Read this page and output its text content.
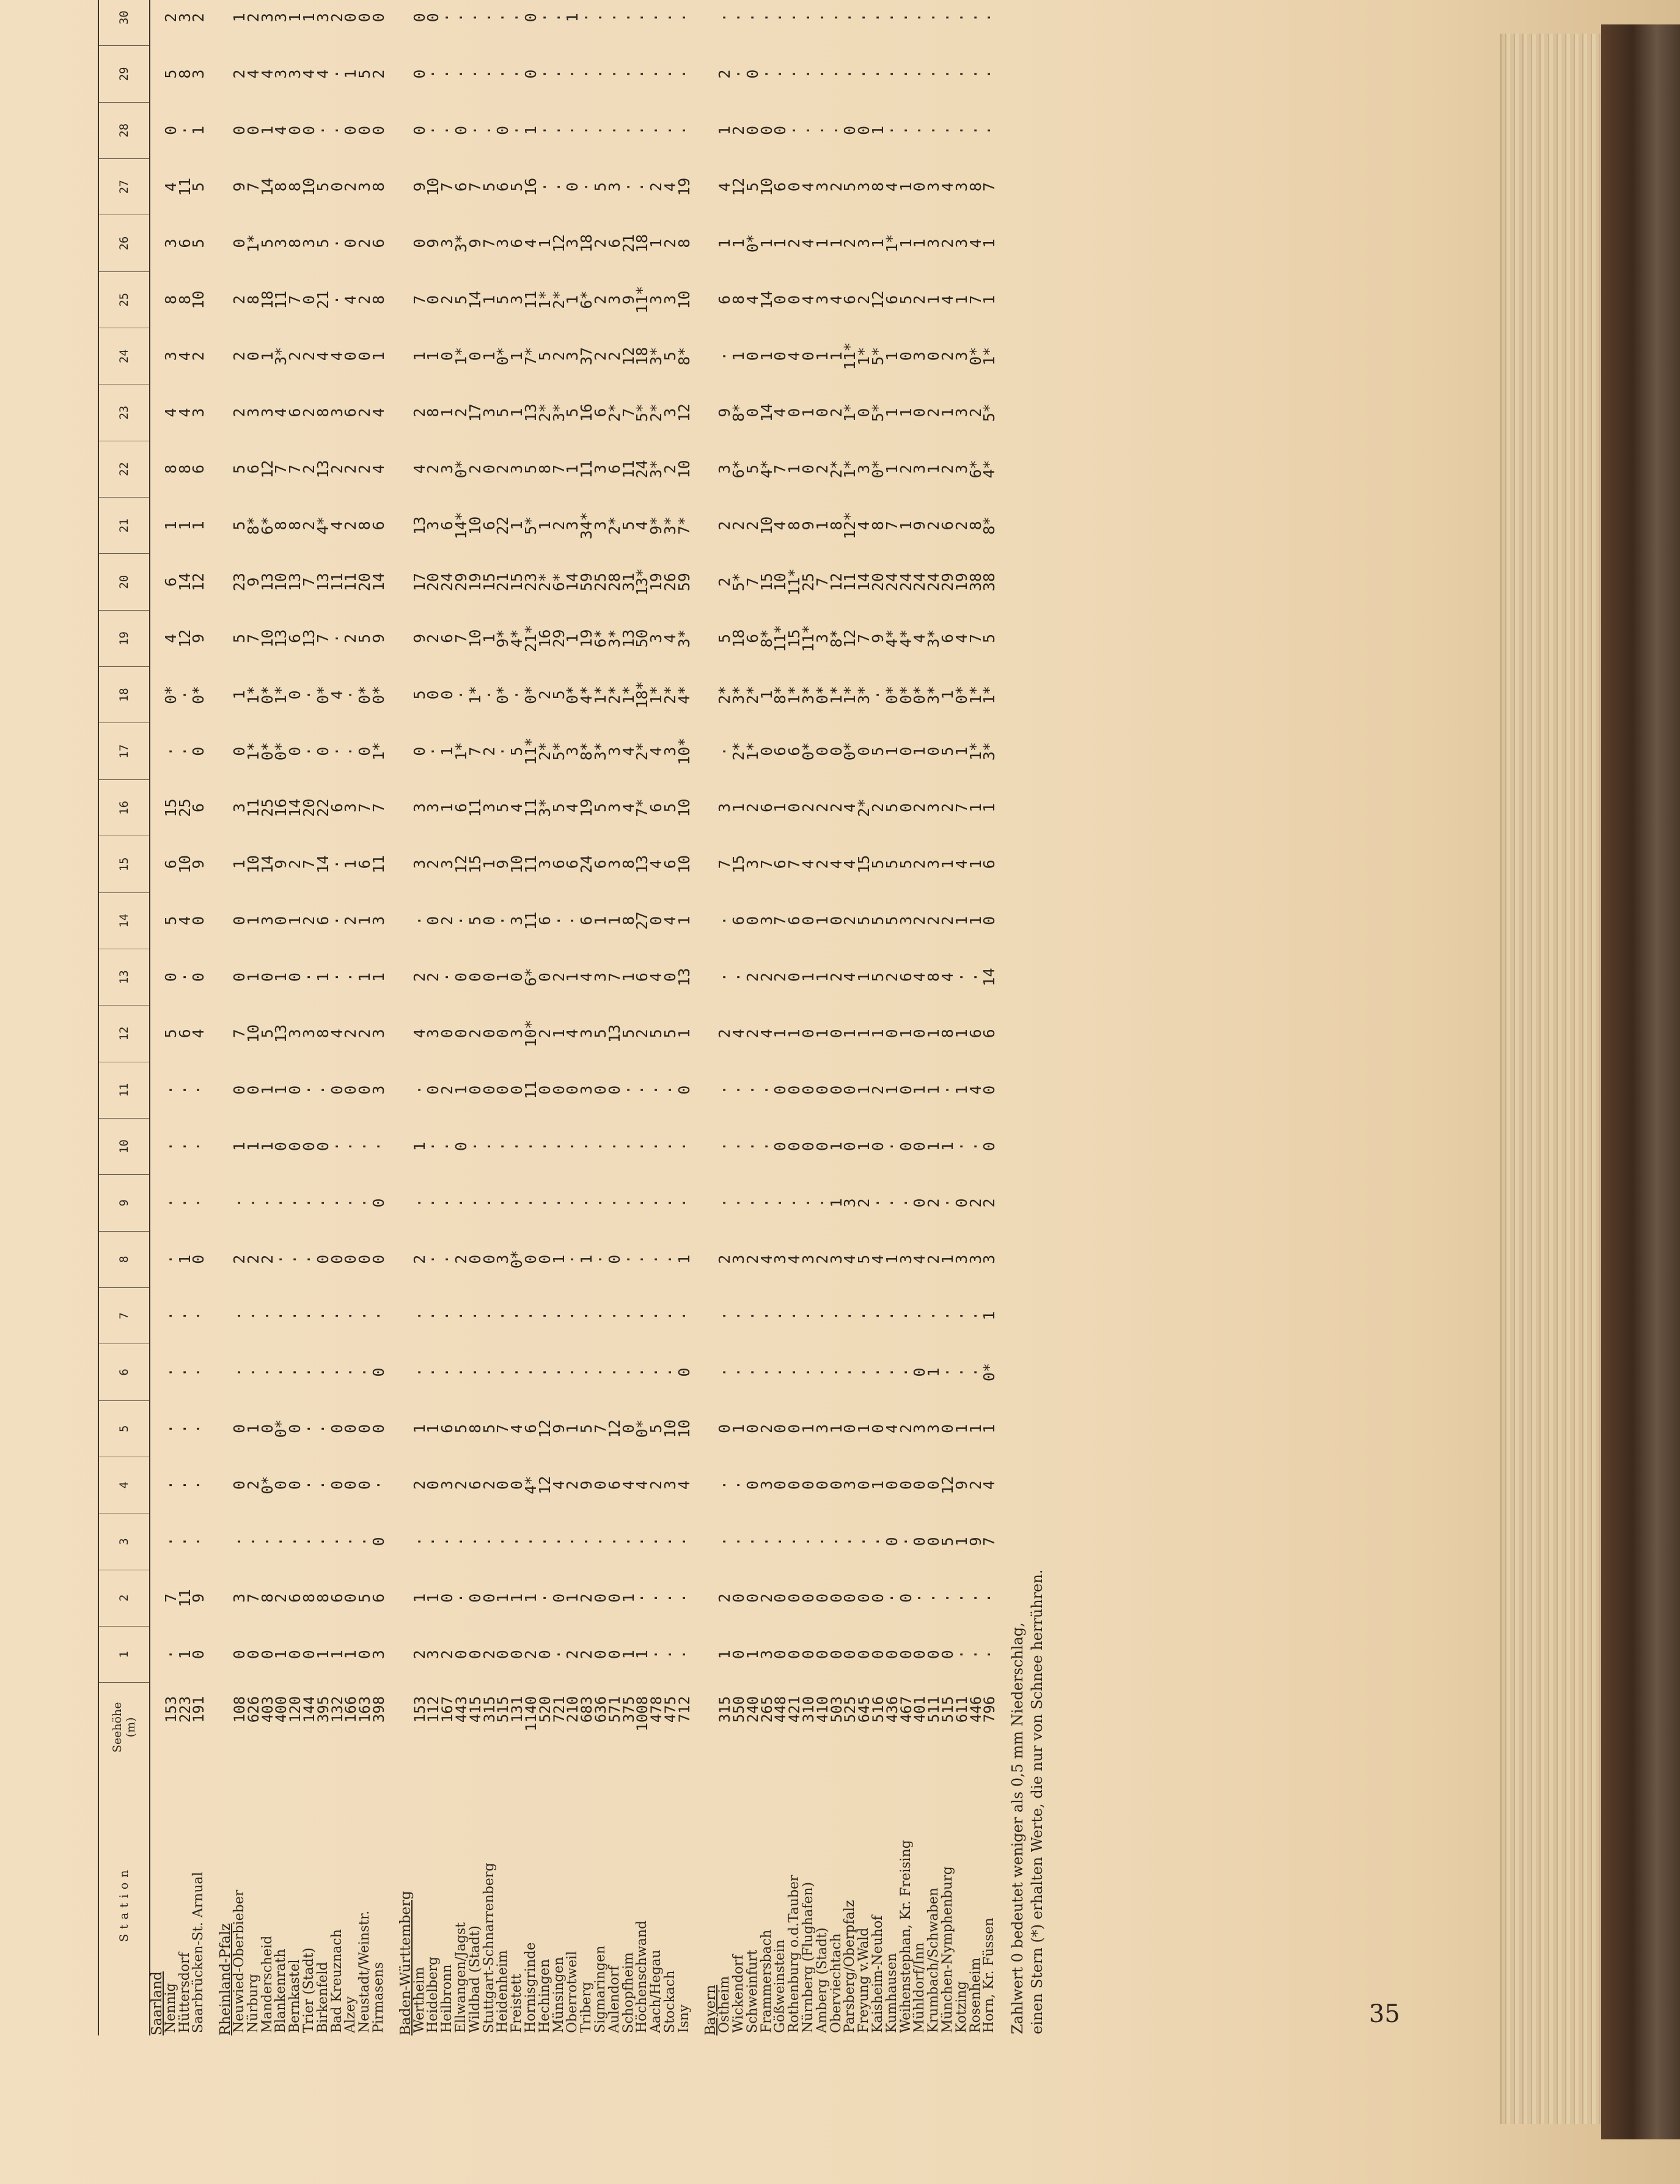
Station	Seehöhe
(m)	1	2	3	4	5	6	7	8	9	10	11	12	13	14	15	16	17	18	19	20	21	22	23	24	25	26	27	28	29	30	
Saarland																																
Nennig	153	·	7	·	·	·	·	·	·	·	·	·	5	0	5	6	15	·	0*	4	6	1	8	4	3	8	3	4	0	5	2	
Hüttersdorf	223	1	11	·	·	·	·	·	1	·	·	·	6	·	4	10	25	·	·	12	14	1	8	4	4	8	6	11	·	8	3	
Saarbrücken-St. Arnual	191	0	9	·	·	·	·	·	0	·	·	·	4	0	0	9	6	0	0*	9	12	1	6	3	2	10	5	5	1	3	2	

Rheinland-Pfalz																																
Neuwied-Oberbieber	108	0	3	·	0	0	·	·	2	·	1	0	7	0	0	1	3	0	1	5	23	5	5	2	2	2	0	9	0	2	1	
Nürburg	626	0	7	·	2	1	·	·	2	·	1	0	10	1	1	10	11	1*	1*	7	9	8*	6	3	0	8	1*	7	0	4	2	
Manderscheid	403	0	8	·	0*	0	·	·	2	·	1	1	5	0	3	14	25	0*	0*	10	13	6*	12	3	1	18	5	14	1	4	3	
Blankenrath	400	1	2	·	0	0*	·	·	·	·	0	1	13	1	0	9	16	0*	1*	13	10	8	7	4	3*	11	3	8	4	3	3	
Bernkastel	120	0	6	·	0	0	·	·	·	·	0	0	3	0	1	2	14	0	0	6	13	8	7	6	2	7	8	8	0	3	1	
Trier (Stadt)	144	0	8	·	·	·	·	·	·	·	0	·	3	·	2	7	20	·	·	13	7	2	2	2	2	0	3	10	0	4	1	
Birkenfeld	395	1	8	·	·	·	·	·	0	·	0	·	8	1	6	14	22	0	0*	7	13	4*	13	8	4	21	5	5	·	4	3	
Bad Kreuznach	132	1	6	·	0	0	·	·	0	·	·	0	4	·	·	·	6	·	4	·	11	4	2	3	4	·	·	0	·	·	2	
Alzey	166	1	0	·	0	0	·	·	0	·	·	0	2	·	2	1	3	·	·	2	11	2	2	6	0	4	0	2	0	1	0	
Neustadt/Weinstr.	163	0	5	·	0	0	·	·	0	·	·	0	2	1	1	6	7	0	0*	5	20	8	2	2	0	2	2	3	0	5	0	
Pirmasens	398	3	6	0	·	0	0	·	0	0	·	3	3	1	3	11	7	1*	0*	9	14	6	4	4	1	8	6	8	0	2	0	

Baden-Württemberg																																
Wertheim	153	2	1	·	2	1	·	·	2	·	1	·	4	2	·	3	3	0	5	9	17	13	4	2	1	7	0	9	0	0	0	
Heidelberg	112	3	1	·	0	1	·	·	·	·	·	0	3	2	0	2	3	·	0	2	20	3	2	8	1	0	9	10	·	·	0	
Heilbronn	167	2	0	·	3	6	·	·	·	·	·	2	0	·	2	3	1	1	0	6	24	6	3	1	0	2	3	7	·	·	·	
Ellwangen/Jagst	443	0	·	·	2	5	·	·	2	·	0	1	0	0	·	12	6	1*	·	7	29	14*	0*	2	1*	5	3*	6	0	·	·	
Wildbad (Stadt)	415	0	0	·	6	8	·	·	0	·	·	0	2	0	5	15	11	7	1*	10	19	10	2	17	0	14	9	7	·	·	·	
Stuttgart-Schnarrenberg	315	2	0	·	2	5	·	·	0	·	·	0	0	0	0	1	3	2	·	1	15	6	0	3	1	1	7	5	·	·	·	
Heidenheim	515	0	1	·	0	7	·	·	3	·	·	0	0	1	·	9	5	·	0*	9*	21	22	2	5	0*	5	3	6	0	·	·	
Freistett	131	0	1	·	0	4	·	·	0*	·	·	0	3	0	3	10	4	5	·	4*	15	1	3	1	1	3	6	5	·	·	·	
Hornisgrinde	1140	2	1	·	4*	6	·	·	0	·	·	11	10*	6*	11	11	11	11*	0*	21*	23	5*	5	13	7*	11	4	16	1	0	0	
Hechingen	520	0	·	·	12	12	·	·	0	·	·	0	2	0	6	3	3*	2*	2	16	2*	1	8	2*	5	1*	1	·	·	·	·	
Münsingen	721	·	0	·	4	9	·	·	1	·	·	0	1	2	·	6	5	5*	5	29	6*	2	7	3*	2	2*	12	·	·	·	·	
Oberrotweil	210	2	1	·	2	1	·	·	·	·	·	0	4	1	·	6	4	3	0*	1	14	3	1	5	3	1	3	0	·	·	1	
Triberg	683	2	2	·	9	5	·	·	1	·	·	3	3	4	6	24	19	8*	4*	19	59	34*	11	16	37	6*	18	·	·	·	·	
Sigmaringen	636	0	0	·	0	7	·	·	·	·	·	0	5	3	1	6	5	3*	1*	6*	25	3	3	6	2	2	2	5	·	·	·	
Aulendorf	571	0	0	·	6	12	·	·	0	·	·	0	13	7	1	3	3	3	2*	3*	28	2*	6	2*	2	3	6	3	·	·	·	
Schopfheim	375	1	1	·	4	0	·	·	·	·	·	·	5	1	8	8	4	4	1*	13	31	5	11	7	12	9	21	·	·	·	·	
Höchenschwand	1008	1	·	·	4	0*	·	·	·	·	·	·	2	6	27	13	7*	2*	18*	50	13*	4	24	5*	18	11*	18	·	·	·	·	
Aach/Hegau	478	·	·	·	2	5	·	·	·	·	·	·	5	4	0	4	6	4	1*	3	19	9*	3*	2*	3*	3	1	2	·	·	·	
Stockach	475	·	·	·	3	10	·	·	·	·	·	·	5	0	4	6	5	3	2*	4	26	3*	2	3	5	3	2	4	·	·	·	
Isny	712	·	·	·	4	10	0	·	1	·	·	0	1	13	1	10	10	10*	4*	3*	59	7*	10	12	8*	10	8	19	·	·	·	

Bayern																																
Ostheim	315	1	2	·	·	0	·	·	2	·	·	·	2	·	·	7	3	·	2*	5	2	2	3	9	·	6	1	4	1	2	·	
Wickendorf	550	0	0	·	·	1	·	·	3	·	·	·	4	·	6	15	1	2*	3*	18	5*	2	6*	8*	1	8	1	12	2	·	·	
Schweinfurt	240	1	0	·	0	0	·	·	2	·	·	·	2	2	0	3	2	1*	2*	6	7	2	5	0	0	4	0*	5	0	0	·	
Frammersbach	265	3	2	·	3	2	·	·	4	·	·	·	4	2	3	7	6	0	1	8*	15	10	4*	14	1	14	1	10	0	·	·	
Gößweinstein	448	0	0	·	0	0	·	·	3	·	0	0	1	2	7	6	1	6	8*	11*	10	4	7	4	0	0	1	6	0	·	·	
Rothenburg o.d.Tauber	421	0	0	·	0	0	·	·	4	·	0	0	1	0	6	7	0	6	1*	15	11*	8	1	0	4	0	2	0	·	·	·	
Nürnberg (Flughafen)	310	0	0	·	0	1	·	·	3	·	0	0	0	1	0	4	2	0*	3*	11*	25	9	0	1	0	4	4	4	·	·	·	
Amberg (Stadt)	410	0	0	·	0	3	·	·	2	·	0	0	1	1	1	2	2	0	0*	3	7	1	2	0	1	3	1	3	·	·	·	
Oberviechtach	503	0	0	·	0	1	·	·	3	1	1	0	0	2	0	4	2	0	1*	8*	12	8	2*	2	1	4	1	2	·	·	·	
Parsberg/Oberpfalz	525	0	0	·	3	0	·	·	4	3	0	0	1	4	2	4	4	0*	1*	12	11	12*	1*	1*	11*	6	2	5	0	·	·	
Freyung v.Wald	645	0	0	·	0	1	·	·	5	2	1	1	1	1	5	15	2*	0	3*	7	14	4	3	0	1*	2	3	3	0	·	·	
Kaisheim-Neuhof	516	0	0	·	1	0	·	·	4	·	0	2	1	5	5	5	2	5	·	9	20	8	0*	5*	5*	12	1	8	1	·	·	
Kumhausen	436	0	·	0	0	4	·	·	1	·	·	1	0	2	5	5	5	1	0*	4*	24	7	1	1	1	6	1*	4	·	·	·	
Weihenstephan, Kr. Freising	467	0	0	·	0	2	·	·	3	·	0	0	1	6	3	5	0	0	0*	4*	24	1	2	1	0	5	1	1	·	·	·	
Mühldorf/Inn	401	0	·	0	0	3	0	·	4	0	0	1	0	4	2	2	2	1	0*	4	24	9	3	0	3	2	1	0	·	·	·	
Krumbach/Schwaben	511	0	·	0	0	3	1	·	2	2	1	1	1	8	2	3	3	0	3*	3*	24	2	1	2	0	1	3	3	·	·	·	
München-Nymphenburg	515	0	·	5	12	0	·	·	1	·	1	·	8	4	2	1	2	5	1	6	29	6	2	1	2	4	2	4	·	·	·	
Kotzing	611	·	·	1	9	1	·	·	3	0	·	1	1	·	1	4	7	1	0*	4	19	2	3	3	3	1	3	3	·	·	·	
Rosenheim	446	·	·	9	2	1	·	·	3	2	·	4	6	·	1	1	1	1*	1*	7	38	8	6*	2	0*	7	4	8	·	·	·	
Horn, Kr. Füssen	796	·	·	7	4	1	0*	1	3	2	0	0	6	14	0	6	1	3*	1*	5	38	8*	4*	5*	1*	1	1	7	·	·	·	
Zahlwert 0 bedeutet weniger als 0,5 mm Niederschlag, einen Stern (*) erhalten Werte, die nur von Schnee herrühren.	35
